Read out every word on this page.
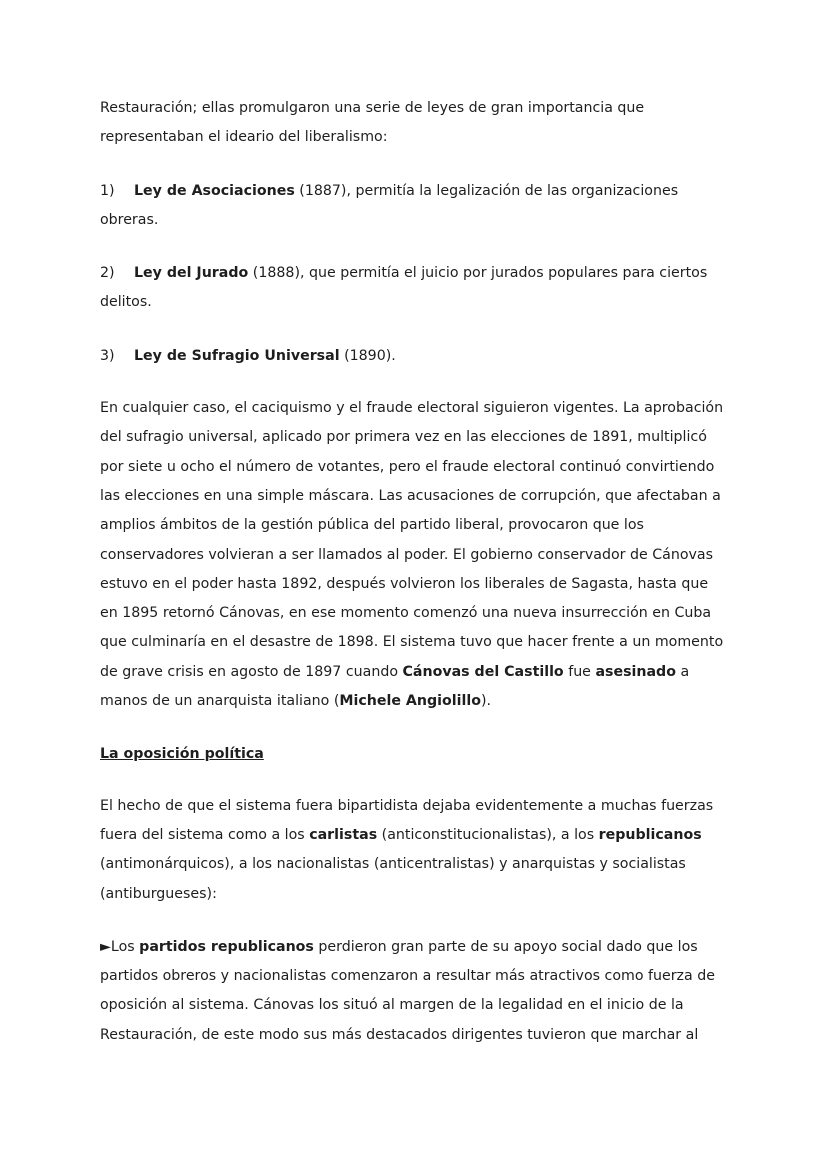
Restauración; ellas promulgaron una serie de leyes de gran importancia que
representaban el ideario del liberalismo:

1) Ley de Asociaciones (1887), permitía la legalización de las organizaciones
obreras.

2) Ley del Jurado (1888), que permitía el juicio por jurados populares para ciertos
delitos.

3) Ley de Sufragio Universal (1890).

En cualquier caso, el caciquismo y el fraude electoral siguieron vigentes. La aprobación del sufragio universal, aplicado por primera vez en las elecciones de 1891, multiplicó por siete u ocho el número de votantes, pero el fraude electoral continuó convirtiendo las elecciones en una simple máscara. Las acusaciones de corrupción, que afectaban a amplios ámbitos de la gestión pública del partido liberal, provocaron que los conservadores volvieran a ser llamados al poder. El gobierno conservador de Cánovas estuvo en el poder hasta 1892, después volvieron los liberales de Sagasta, hasta que en 1895 retornó Cánovas, en ese momento comenzó una nueva insurrección en Cuba que culminaría en el desastre de 1898. El sistema tuvo que hacer frente a un momento de grave crisis en agosto de 1897 cuando Cánovas del Castillo fue asesinado a manos de un anarquista italiano (Michele Angiolillo).

La oposición política

El hecho de que el sistema fuera bipartidista dejaba evidentemente a muchas fuerzas fuera del sistema como a los carlistas (anticonstitucionalistas), a los republicanos (antimonárquicos), a los nacionalistas (anticentralistas) y anarquistas y socialistas (antiburgueses):

►Los partidos republicanos perdieron gran parte de su apoyo social dado que los partidos obreros y nacionalistas comenzaron a resultar más atractivos como fuerza de oposición al sistema. Cánovas los situó al margen de la legalidad en el inicio de la Restauración, de este modo sus más destacados dirigentes tuvieron que marchar al
